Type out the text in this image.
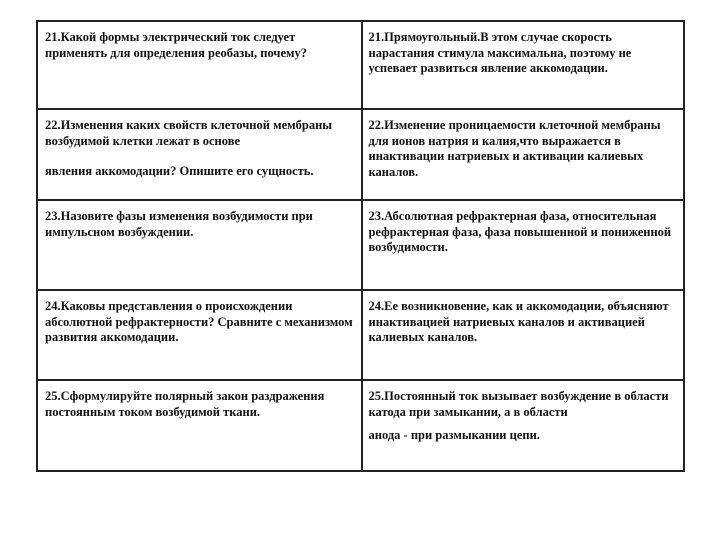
21.Какой формы электрический ток следует применять для определения реобазы, почему?	21.Прямоугольный.В этом случае скорость нарастания стимула максимальна, поэтому не успевает развиться явление аккомодации.
22.Изменения каких свойств клеточной мембраны возбудимой клетки лежат в основе
явления аккомодации? Опишите его сущность.	22.Изменение проницаемости клеточной мембраны для ионов натрия и калия,что выражается в инактивации натриевых и активации калиевых каналов.
23.Назовите фазы изменения возбудимости при импульсном возбуждении.	23.Абсолютная рефрактерная фаза, относительная рефрактерная фаза, фаза повышенной и пониженной возбудимости.
24.Каковы представления о происхождении абсолютной рефрактерности? Сравните с механизмом развития аккомодации.	24.Ее возникновение, как и аккомодации, объясняют инактивацией натриевых каналов и активацией калиевых каналов.
25.Сформулируйте полярный закон раздражения постоянным током возбудимой ткани.	25.Постоянный ток вызывает возбуждение в области катода при замыкании, а в области
анода - при размыкании цепи.
